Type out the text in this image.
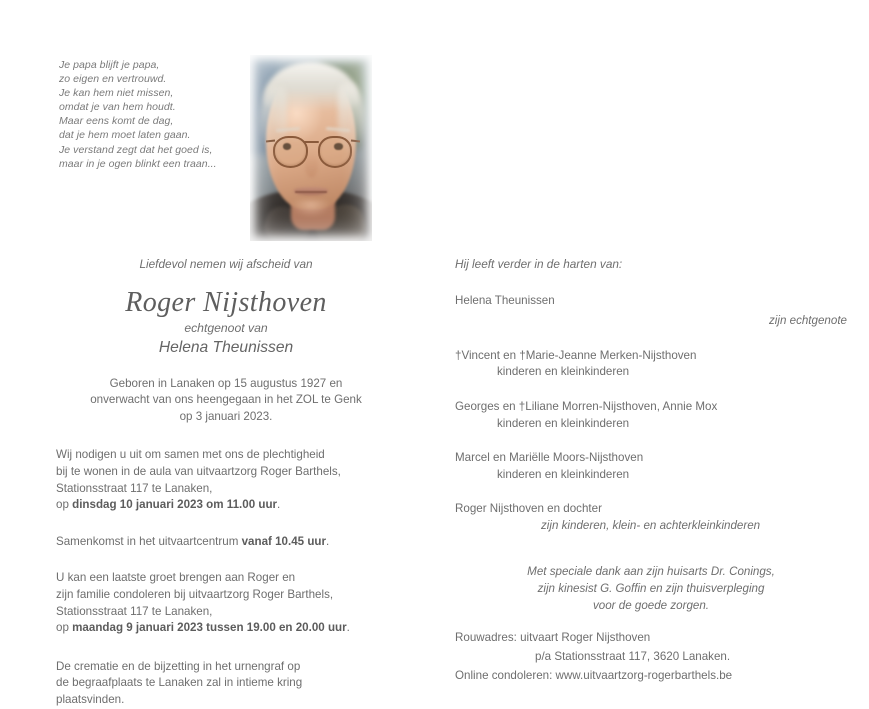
Je papa blijft je papa,
zo eigen en vertrouwd.
Je kan hem niet missen,
omdat je van hem houdt.
Maar eens komt de dag,
dat je hem moet laten gaan.
Je verstand zegt dat het goed is,
maar in je ogen blinkt een traan...

Liefdevol nemen wij afscheid van

Roger Nijsthoven

echtgenoot van

Helena Theunissen

Geboren in Lanaken op 15 augustus 1927 en

onverwacht van ons heengegaan in het ZOL te Genk

op 3 januari 2023.

Wij nodigen u uit om samen met ons de plechtigheid

bij te wonen in de aula van uitvaartzorg Roger Barthels,

Stationsstraat 117 te Lanaken,

op dinsdag 10 januari 2023 om 11.00 uur.

Samenkomst in het uitvaartcentrum vanaf 10.45 uur.

U kan een laatste groet brengen aan Roger en

zijn familie condoleren bij uitvaartzorg Roger Barthels,

Stationsstraat 117 te Lanaken,

op maandag 9 januari 2023 tussen 19.00 en 20.00 uur.

De crematie en de bijzetting in het urnengraf op

de begraafplaats te Lanaken zal in intieme kring

plaatsvinden.

Hij leeft verder in de harten van:

Helena Theunissen

zijn echtgenote

†Vincent en †Marie-Jeanne Merken-Nijsthoven

kinderen en kleinkinderen

Georges en †Liliane Morren-Nijsthoven, Annie Mox

kinderen en kleinkinderen

Marcel en Mariëlle Moors-Nijsthoven

kinderen en kleinkinderen

Roger Nijsthoven en dochter

zijn kinderen, klein- en achterkleinkinderen

Met speciale dank aan zijn huisarts Dr. Conings,

zijn kinesist G. Goffin en zijn thuisverpleging

voor de goede zorgen.

Rouwadres: uitvaart Roger Nijsthoven

p/a Stationsstraat 117, 3620 Lanaken.

Online condoleren: www.uitvaartzorg-rogerbarthels.be
